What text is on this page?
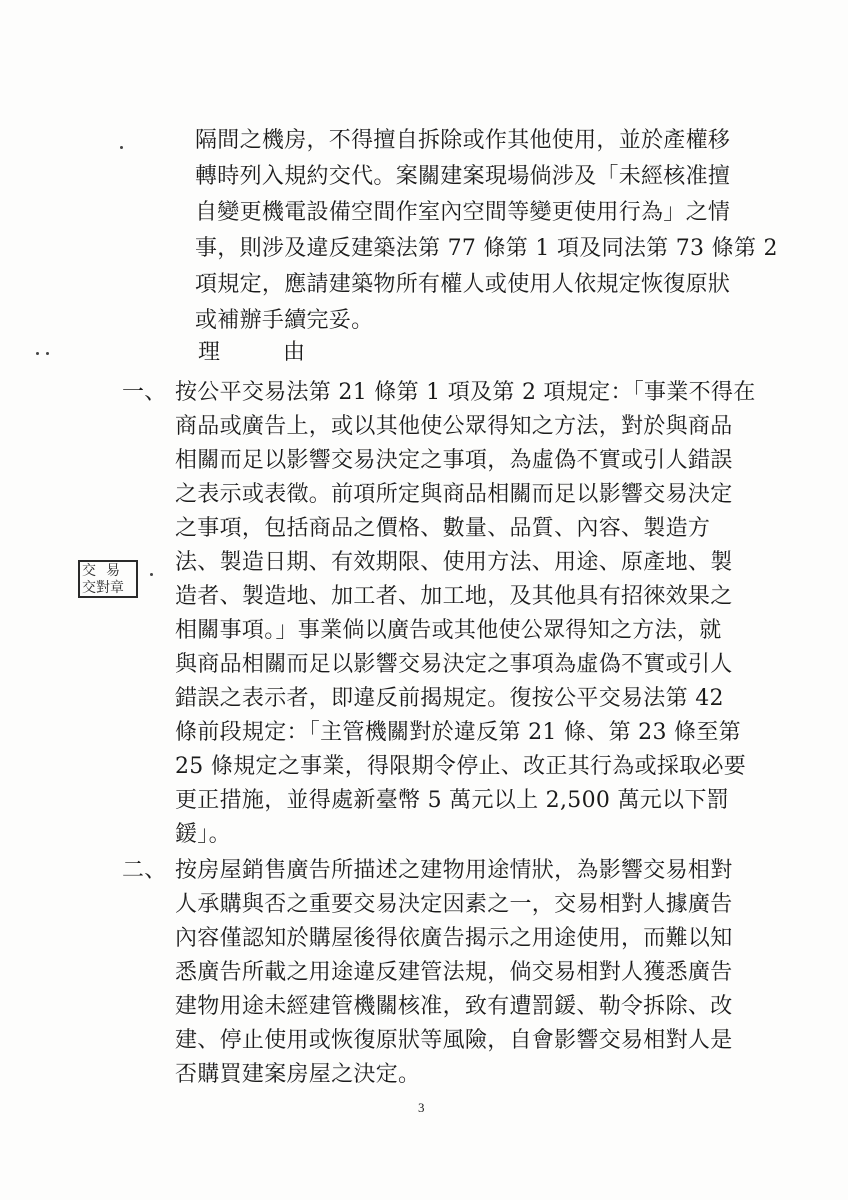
隔間之機房，不得擅自拆除或作其他使用，並於產權移
轉時列入規約交代。案關建案現場倘涉及「未經核准擅
自變更機電設備空間作室內空間等變更使用行為」之情
事，則涉及違反建築法第 77 條第 1 項及同法第 73 條第 2
項規定，應請建築物所有權人或使用人依規定恢復原狀
或補辦手續完妥。
理 由
一、 按公平交易法第 21 條第 1 項及第 2 項規定：「事業不得在
商品或廣告上，或以其他使公眾得知之方法，對於與商品
相關而足以影響交易決定之事項，為虛偽不實或引人錯誤
之表示或表徵。前項所定與商品相關而足以影響交易決定
之事項，包括商品之價格、數量、品質、內容、製造方
法、製造日期、有效期限、使用方法、用途、原產地、製
造者、製造地、加工者、加工地，及其他具有招徠效果之
相關事項。」事業倘以廣告或其他使公眾得知之方法，就
與商品相關而足以影響交易決定之事項為虛偽不實或引人
錯誤之表示者，即違反前揭規定。復按公平交易法第 42
條前段規定：「主管機關對於違反第 21 條、第 23 條至第
25 條規定之事業，得限期令停止、改正其行為或採取必要
更正措施，並得處新臺幣 5 萬元以上 2,500 萬元以下罰
鍰」。
二、 按房屋銷售廣告所描述之建物用途情狀，為影響交易相對
人承購與否之重要交易決定因素之一，交易相對人據廣告
內容僅認知於購屋後得依廣告揭示之用途使用，而難以知
悉廣告所載之用途違反建管法規，倘交易相對人獲悉廣告
建物用途未經建管機關核准，致有遭罰鍰、勒令拆除、改
建、停止使用或恢復原狀等風險，自會影響交易相對人是
否購買建案房屋之決定。
交易
交對章
3
